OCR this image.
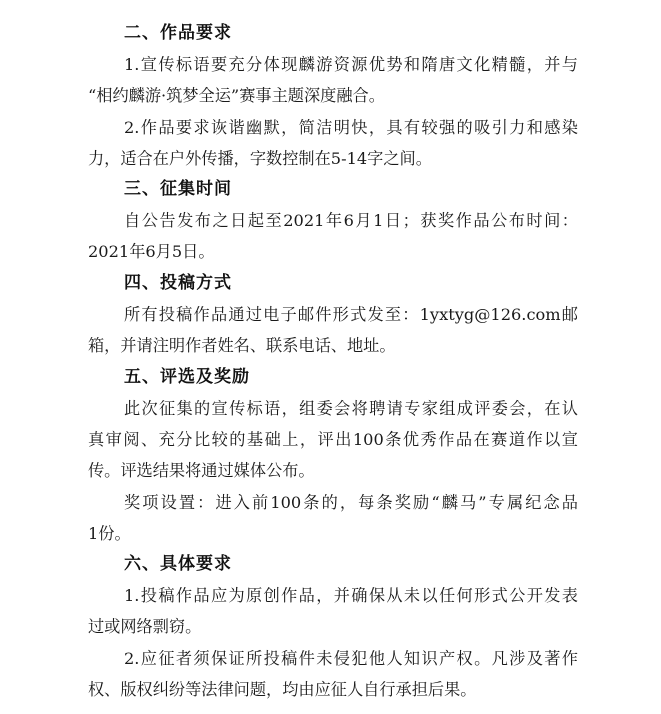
二、作品要求
1.宣传标语要充分体现麟游资源优势和隋唐文化精髓，并与
“相约麟游·筑梦全运”赛事主题深度融合。
2.作品要求诙谐幽默，简洁明快，具有较强的吸引力和感染
力，适合在户外传播，字数控制在5-14字之间。
三、征集时间
自公告发布之日起至2021年6月1日；获奖作品公布时间：
2021年6月5日。
四、投稿方式
所有投稿作品通过电子邮件形式发至：1yxtyg@126.com邮
箱，并请注明作者姓名、联系电话、地址。
五、评选及奖励
此次征集的宣传标语，组委会将聘请专家组成评委会，在认
真审阅、充分比较的基础上，评出100条优秀作品在赛道作以宣
传。评选结果将通过媒体公布。
奖项设置：进入前100条的，每条奖励“麟马”专属纪念品
1份。
六、具体要求
1.投稿作品应为原创作品，并确保从未以任何形式公开发表
过或网络剽窃。
2.应征者须保证所投稿件未侵犯他人知识产权。凡涉及著作
权、版权纠纷等法律问题，均由应征人自行承担后果。
